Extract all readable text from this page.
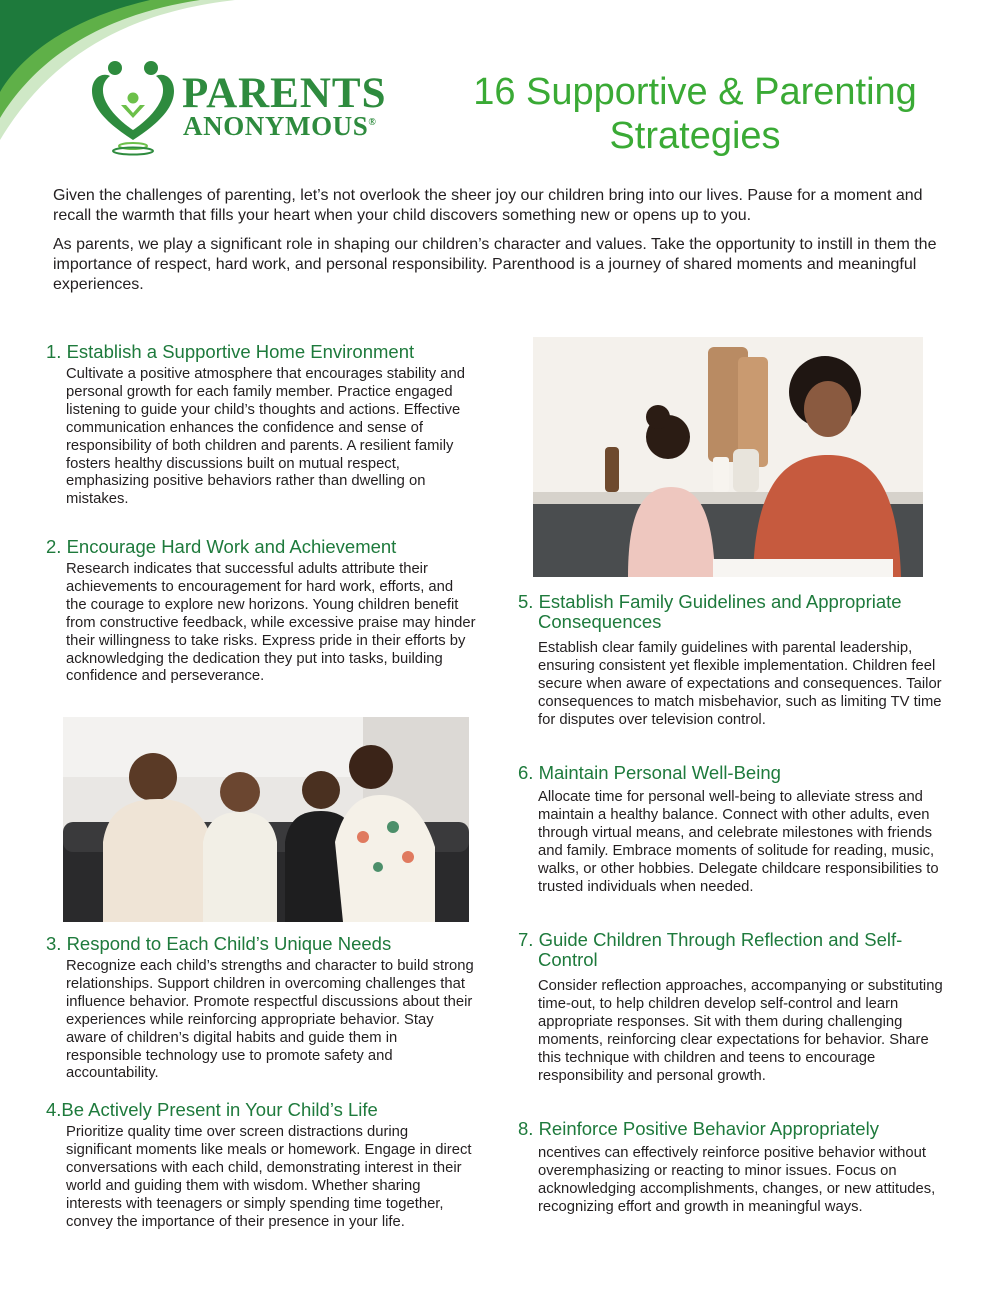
PARENTS
ANONYMOUS®
16 Supportive & Parenting Strategies

Given the challenges of parenting, let’s not overlook the sheer joy our children bring into our lives. Pause for a moment and recall the warmth that fills your heart when your child discovers something new or opens up to you.

As parents, we play a significant role in shaping our children’s character and values. Take the opportunity to instill in them the importance of respect, hard work, and personal responsibility. Parenthood is a journey of shared moments and meaningful experiences.

1. Establish a Supportive Home Environment
Cultivate a positive atmosphere that encourages stability and personal growth for each family member. Practice engaged listening to guide your child’s thoughts and actions. Effective communication enhances the confidence and sense of responsibility of both children and parents. A resilient family fosters healthy discussions built on mutual respect, emphasizing positive behaviors rather than dwelling on mistakes.
2. Encourage Hard Work and Achievement
Research indicates that successful adults attribute their achievements to encouragement for hard work, efforts, and the courage to explore new horizons. Young children benefit from constructive feedback, while excessive praise may hinder their willingness to take risks. Express pride in their efforts by acknowledging the dedication they put into tasks, building confidence and perseverance.
3. Respond to Each Child’s Unique Needs
Recognize each child’s strengths and character to build strong relationships. Support children in overcoming challenges that influence behavior. Promote respectful discussions about their experiences while reinforcing appropriate behavior. Stay aware of children’s digital habits and guide them in responsible technology use to promote safety and accountability.
4.Be Actively Present in Your Child’s Life
Prioritize quality time over screen distractions during significant moments like meals or homework. Engage in direct conversations with each child, demonstrating interest in their world and guiding them with wisdom. Whether sharing interests with teenagers or simply spending time together, convey the importance of their presence in your life.
5. Establish Family Guidelines and Appropriate Consequences
Establish clear family guidelines with parental leadership, ensuring consistent yet flexible implementation. Children feel secure when aware of expectations and consequences. Tailor consequences to match misbehavior, such as limiting TV time for disputes over television control.
6. Maintain Personal Well-Being
Allocate time for personal well-being to alleviate stress and maintain a healthy balance. Connect with other adults, even through virtual means, and celebrate milestones with friends and family. Embrace moments of solitude for reading, music, walks, or other hobbies. Delegate childcare responsibilities to trusted individuals when needed.
7. Guide Children Through Reflection and Self-Control
Consider reflection approaches, accompanying or substituting time-out, to help children develop self-control and learn appropriate responses. Sit with them during challenging moments, reinforcing clear expectations for behavior. Share this technique with children and teens to encourage responsibility and personal growth.
8. Reinforce Positive Behavior Appropriately
ncentives can effectively reinforce positive behavior without overemphasizing or reacting to minor issues. Focus on acknowledging accomplishments, changes, or new attitudes, recognizing effort and growth in meaningful ways.
